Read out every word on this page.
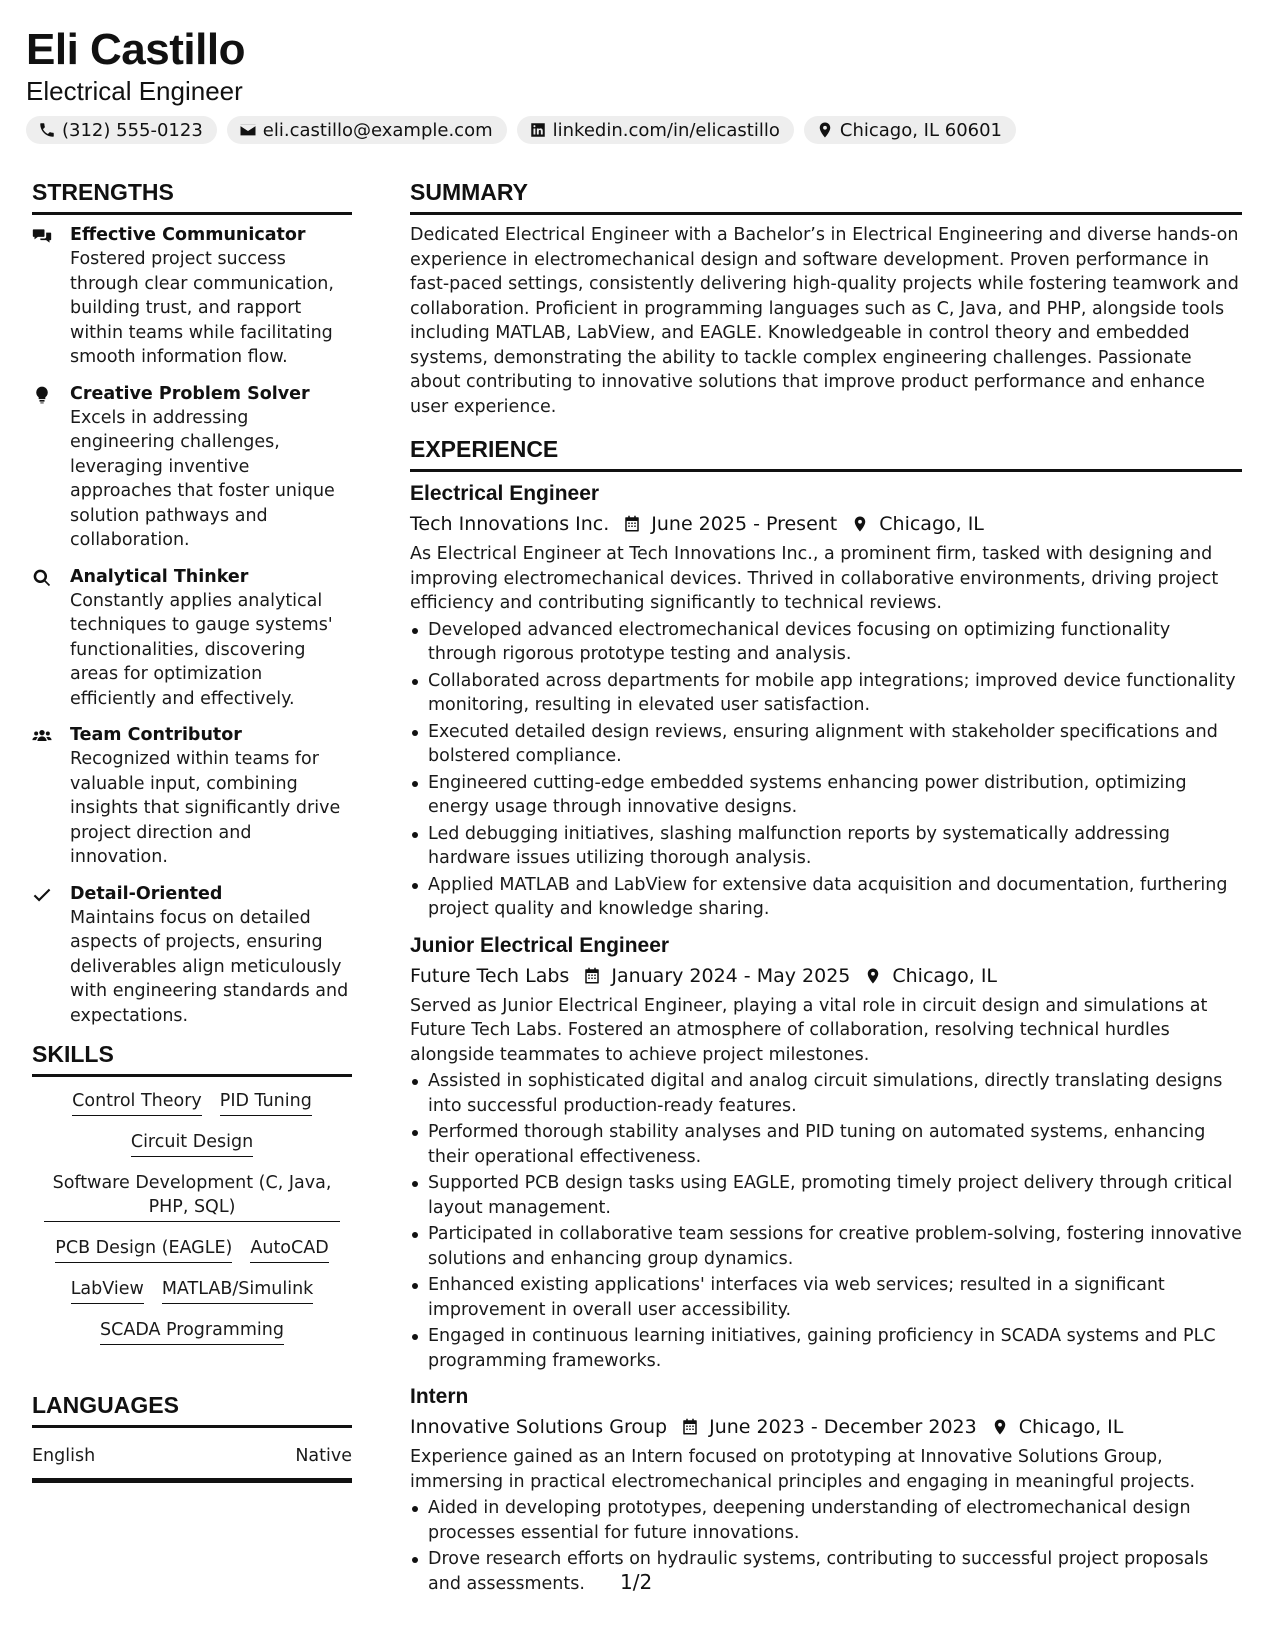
Eli Castillo
Electrical Engineer
(312) 555-0123	eli.castillo@example.com	linkedin.com/in/elicastillo	Chicago, IL 60601
STRENGTHS
Effective Communicator
Fostered project success through clear communication, building trust, and rapport within teams while facilitating smooth information flow.
Creative Problem Solver
Excels in addressing engineering challenges, leveraging inventive approaches that foster unique solution pathways and collaboration.
Analytical Thinker
Constantly applies analytical techniques to gauge systems' functionalities, discovering areas for optimization efficiently and effectively.
Team Contributor
Recognized within teams for valuable input, combining insights that significantly drive project direction and innovation.
Detail-Oriented
Maintains focus on detailed aspects of projects, ensuring deliverables align meticulously with engineering standards and expectations.
SKILLS
Control Theory PID Tuning
Circuit Design
Software Development (C, Java, PHP, SQL)
PCB Design (EAGLE) AutoCAD
LabView MATLAB/Simulink
SCADA Programming
LANGUAGES
English	Native
SUMMARY
Dedicated Electrical Engineer with a Bachelor’s in Electrical Engineering and diverse hands-on experience in electromechanical design and software development. Proven performance in fast-paced settings, consistently delivering high-quality projects while fostering teamwork and collaboration. Proficient in programming languages such as C, Java, and PHP, alongside tools including MATLAB, LabView, and EAGLE. Knowledgeable in control theory and embedded systems, demonstrating the ability to tackle complex engineering challenges. Passionate about contributing to innovative solutions that improve product performance and enhance user experience.
EXPERIENCE
Electrical Engineer
Tech Innovations Inc. June 2025 - Present Chicago, IL
As Electrical Engineer at Tech Innovations Inc., a prominent firm, tasked with designing and improving electromechanical devices. Thrived in collaborative environments, driving project efficiency and contributing significantly to technical reviews.
Developed advanced electromechanical devices focusing on optimizing functionality through rigorous prototype testing and analysis.
Collaborated across departments for mobile app integrations; improved device functionality monitoring, resulting in elevated user satisfaction.
Executed detailed design reviews, ensuring alignment with stakeholder specifications and bolstered compliance.
Engineered cutting-edge embedded systems enhancing power distribution, optimizing energy usage through innovative designs.
Led debugging initiatives, slashing malfunction reports by systematically addressing hardware issues utilizing thorough analysis.
Applied MATLAB and LabView for extensive data acquisition and documentation, furthering project quality and knowledge sharing.
Junior Electrical Engineer
Future Tech Labs January 2024 - May 2025 Chicago, IL
Served as Junior Electrical Engineer, playing a vital role in circuit design and simulations at Future Tech Labs. Fostered an atmosphere of collaboration, resolving technical hurdles alongside teammates to achieve project milestones.
Assisted in sophisticated digital and analog circuit simulations, directly translating designs into successful production-ready features.
Performed thorough stability analyses and PID tuning on automated systems, enhancing their operational effectiveness.
Supported PCB design tasks using EAGLE, promoting timely project delivery through critical layout management.
Participated in collaborative team sessions for creative problem-solving, fostering innovative solutions and enhancing group dynamics.
Enhanced existing applications' interfaces via web services; resulted in a significant improvement in overall user accessibility.
Engaged in continuous learning initiatives, gaining proficiency in SCADA systems and PLC programming frameworks.
Intern
Innovative Solutions Group June 2023 - December 2023 Chicago, IL
Experience gained as an Intern focused on prototyping at Innovative Solutions Group, immersing in practical electromechanical principles and engaging in meaningful projects.
Aided in developing prototypes, deepening understanding of electromechanical design processes essential for future innovations.
Drove research efforts on hydraulic systems, contributing to successful project proposals and assessments.	1/2
